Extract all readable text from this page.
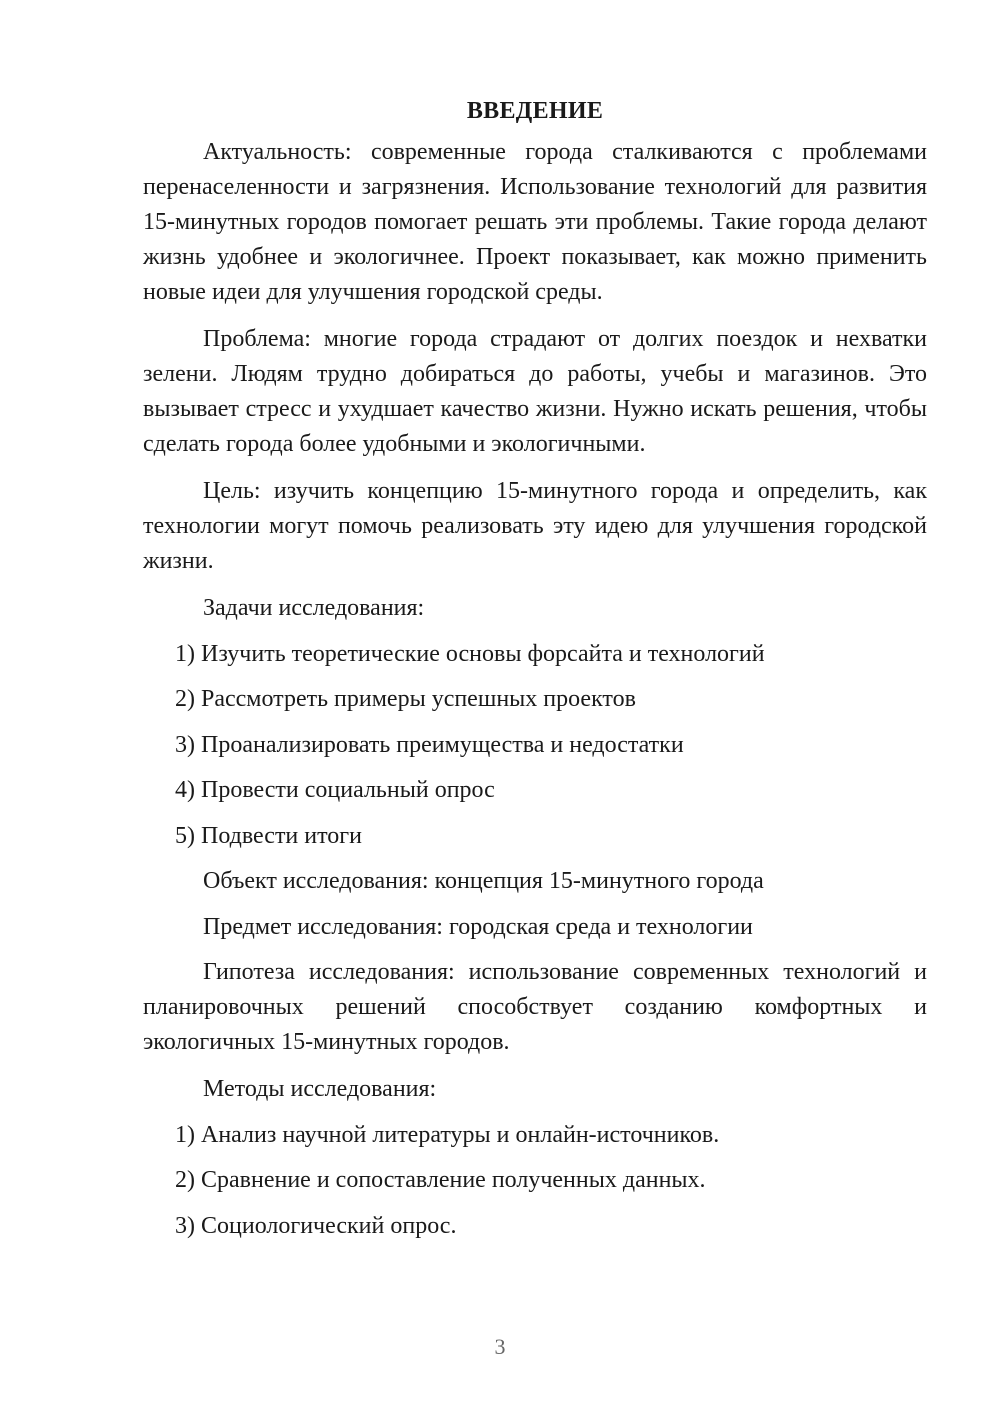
ВВЕДЕНИЕ

Актуальность: современные города сталкиваются с проблемами перенаселенности и загрязнения. Использование технологий для развития 15-минутных городов помогает решать эти проблемы. Такие города делают жизнь удобнее и экологичнее. Проект показывает, как можно применить новые идеи для улучшения городской среды.

Проблема: многие города страдают от долгих поездок и нехватки зелени. Людям трудно добираться до работы, учебы и магазинов. Это вызывает стресс и ухудшает качество жизни. Нужно искать решения, чтобы сделать города более удобными и экологичными.

Цель: изучить концепцию 15-минутного города и определить, как технологии могут помочь реализовать эту идею для улучшения городской жизни.

Задачи исследования:

1) Изучить теоретические основы форсайта и технологий

2) Рассмотреть примеры успешных проектов

3) Проанализировать преимущества и недостатки

4) Провести социальный опрос

5) Подвести итоги

Объект исследования: концепция 15-минутного города

Предмет исследования: городская среда и технологии

Гипотеза исследования: использование современных технологий и планировочных решений способствует созданию комфортных и экологичных 15-минутных городов.

Методы исследования:

1) Анализ научной литературы и онлайн-источников.

2) Сравнение и сопоставление полученных данных.

3) Социологический опрос.

3
